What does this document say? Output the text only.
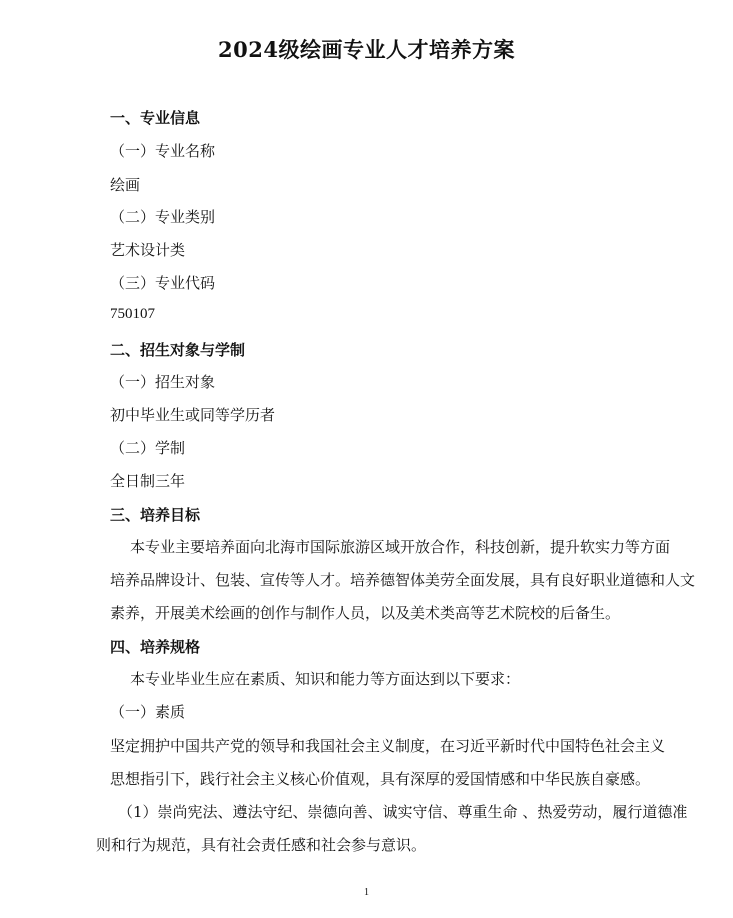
2024级绘画专业人才培养方案
一、专业信息
（一）专业名称
绘画
（二）专业类别
艺术设计类
（三）专业代码
750107
二、招生对象与学制
（一）招生对象
初中毕业生或同等学历者
（二）学制
全日制三年
三、培养目标
本专业主要培养面向北海市国际旅游区域开放合作，科技创新，提升软实力等方面
培养品牌设计、包装、宣传等人才。培养德智体美劳全面发展，具有良好职业道德和人文
素养，开展美术绘画的创作与制作人员，以及美术类高等艺术院校的后备生。
四、培养规格
本专业毕业生应在素质、知识和能力等方面达到以下要求：
（一）素质
坚定拥护中国共产党的领导和我国社会主义制度，在习近平新时代中国特色社会主义
思想指引下，践行社会主义核心价值观，具有深厚的爱国情感和中华民族自豪感。
（1）崇尚宪法、遵法守纪、崇德向善、诚实守信、尊重生命 、热爱劳动，履行道德准
则和行为规范，具有社会责任感和社会参与意识。
1
